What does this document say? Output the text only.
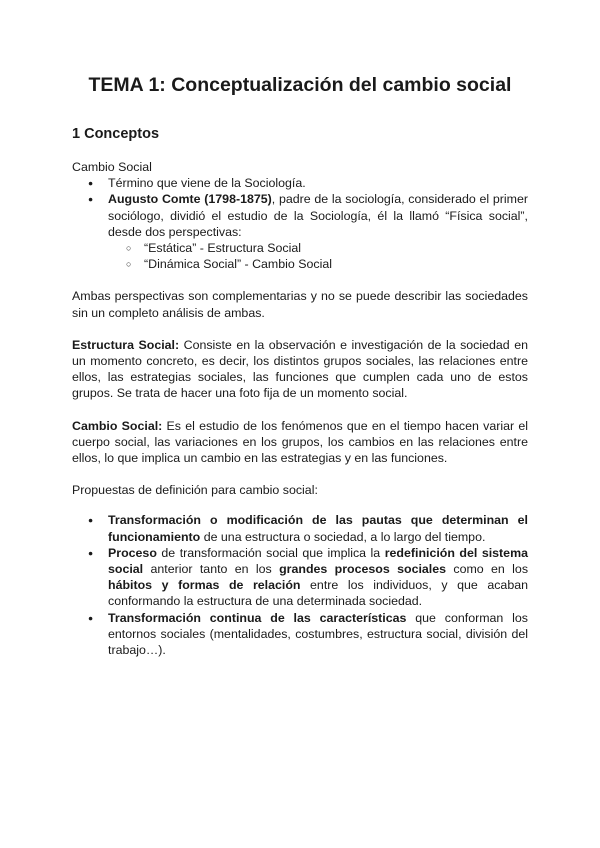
TEMA 1: Conceptualización del cambio social
1 Conceptos

Cambio Social

● Término que viene de la Sociología.
● Augusto Comte (1798-1875), padre de la sociología, considerado el primer sociólogo, dividió el estudio de la Sociología, él la llamó “Física social”, desde dos perspectivas:
○ “Estática” - Estructura Social
○ “Dinámica Social” - Cambio Social

Ambas perspectivas son complementarias y no se puede describir las sociedades sin un completo análisis de ambas.

Estructura Social: Consiste en la observación e investigación de la sociedad en un momento concreto, es decir, los distintos grupos sociales, las relaciones entre ellos, las estrategias sociales, las funciones que cumplen cada uno de estos grupos. Se trata de hacer una foto fija de un momento social.

Cambio Social: Es el estudio de los fenómenos que en el tiempo hacen variar el cuerpo social, las variaciones en los grupos, los cambios en las relaciones entre ellos, lo que implica un cambio en las estrategias y en las funciones.

Propuestas de definición para cambio social:

● Transformación o modificación de las pautas que determinan el funcionamiento de una estructura o sociedad, a lo largo del tiempo.
● Proceso de transformación social que implica la redefinición del sistema social anterior tanto en los grandes procesos sociales como en los hábitos y formas de relación entre los individuos, y que acaban conformando la estructura de una determinada sociedad.
● Transformación continua de las características que conforman los entornos sociales (mentalidades, costumbres, estructura social, división del trabajo…).
